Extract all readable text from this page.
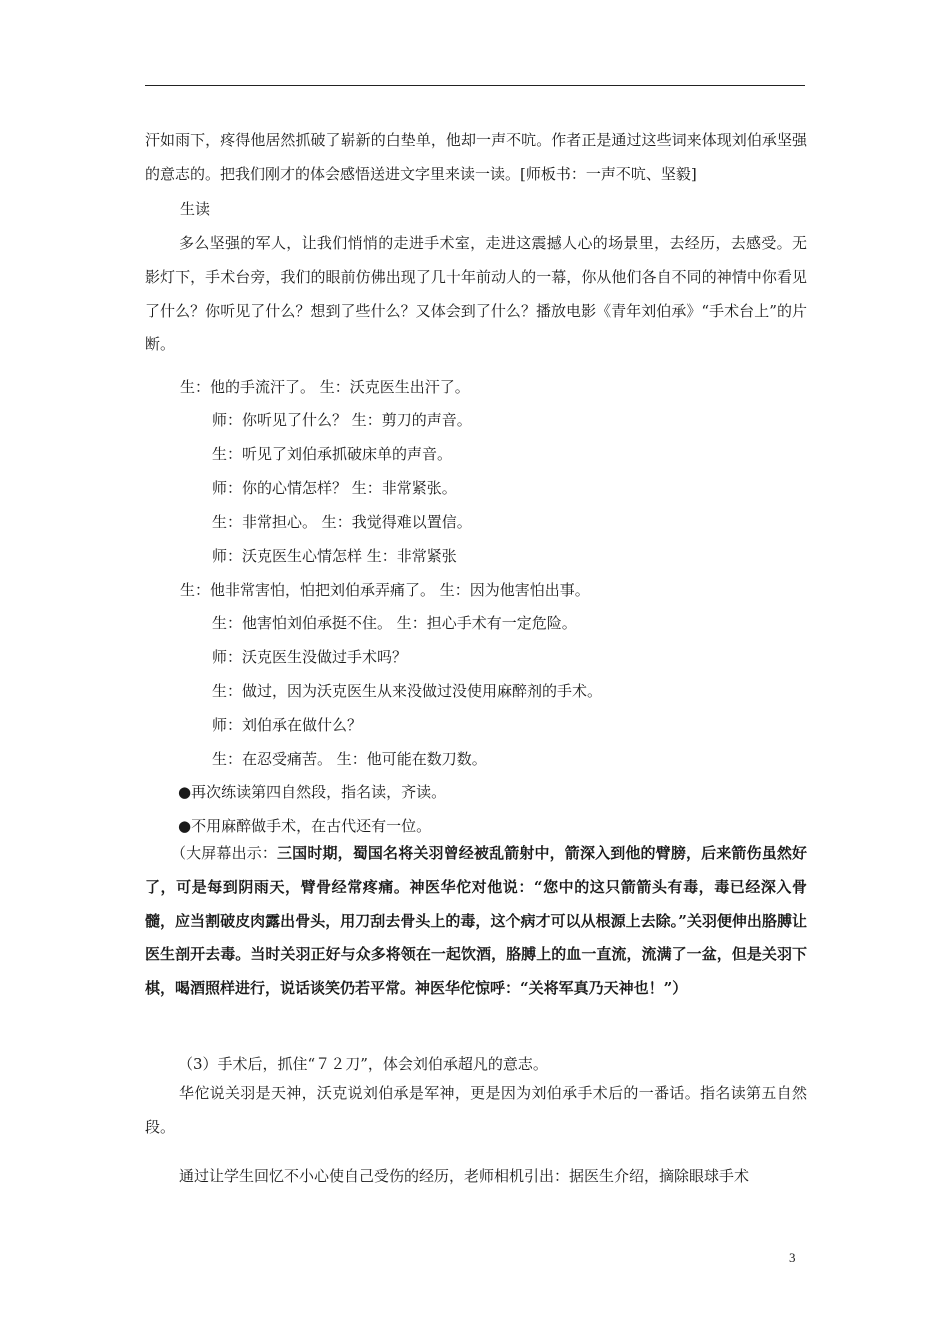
汗如雨下，疼得他居然抓破了崭新的白垫单，他却一声不吭。作者正是通过这些词来体现刘伯承坚强的意志的。把我们刚才的体会感悟送进文字里来读一读。[师板书：一声不吭、坚毅]
生读
多么坚强的军人，让我们悄悄的走进手术室，走进这震撼人心的场景里，去经历，去感受。无影灯下，手术台旁，我们的眼前仿佛出现了几十年前动人的一幕，你从他们各自不同的神情中你看见了什么？你听见了什么？想到了些什么？又体会到了什么？播放电影《青年刘伯承》“手术台上”的片断。
生：他的手流汗了。 生：沃克医生出汗了。
师：你听见了什么？ 生：剪刀的声音。
生：听见了刘伯承抓破床单的声音。
师：你的心情怎样？ 生：非常紧张。
生：非常担心。 生：我觉得难以置信。
师：沃克医生心情怎样 生：非常紧张
生：他非常害怕，怕把刘伯承弄痛了。 生：因为他害怕出事。
生：他害怕刘伯承挺不住。 生：担心手术有一定危险。
师：沃克医生没做过手术吗？
生：做过，因为沃克医生从来没做过没使用麻醉剂的手术。
师：刘伯承在做什么？
生：在忍受痛苦。 生：他可能在数刀数。
●再次练读第四自然段，指名读，齐读。
●不用麻醉做手术，在古代还有一位。
（大屏幕出示：三国时期，蜀国名将关羽曾经被乱箭射中，箭深入到他的臂膀，后来箭伤虽然好了，可是每到阴雨天，臂骨经常疼痛。神医华佗对他说：“您中的这只箭箭头有毒，毒已经深入骨髓，应当割破皮肉露出骨头，用刀刮去骨头上的毒，这个病才可以从根源上去除。”关羽便伸出胳膊让医生剖开去毒。当时关羽正好与众多将领在一起饮酒，胳膊上的血一直流，流满了一盆，但是关羽下棋，喝酒照样进行，说话谈笑仍若平常。神医华佗惊呼：“关将军真乃天神也！”）
（3）手术后，抓住“７２刀”，体会刘伯承超凡的意志。
华佗说关羽是天神，沃克说刘伯承是军神，更是因为刘伯承手术后的一番话。指名读第五自然段。
通过让学生回忆不小心使自己受伤的经历，老师相机引出：据医生介绍，摘除眼球手术
3
